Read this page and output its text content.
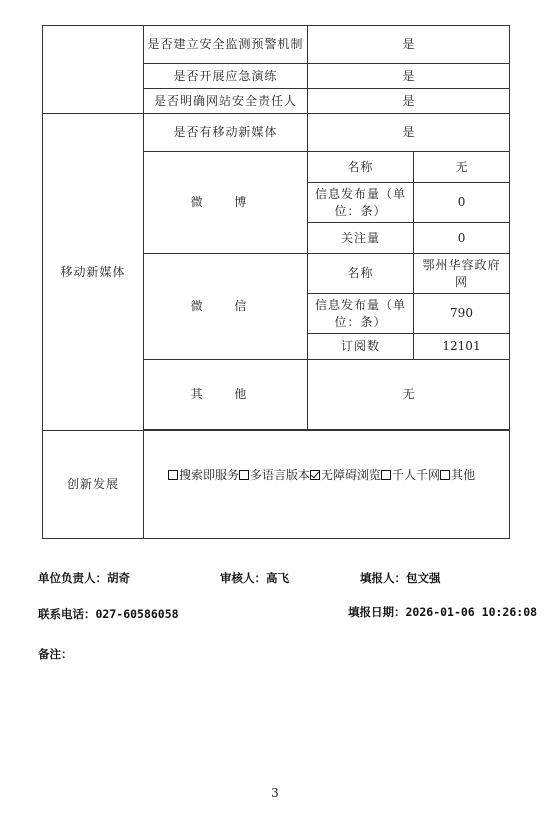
	是否建立安全监测预警机制	是	
	是否开展应急演练	是	
	是否明确网站安全责任人	是	
移动新媒体	是否有移动新媒体	是	
	微 博	名称	无
		信息发布量（单位：条）	0
		关注量	0
	微 信	名称	鄂州华容政府网
		信息发布量（单位：条）	790
		订阅数	12101
	其 他	无	

创新发展	搜索即服务 多语言版本 无障碍浏览 千人千网 其他		
单位负责人：胡奇	审核人：高飞	填报人：包文强
联系电话：027-60586058	填报日期：2026-01-06 10:26:08
备注：
3
